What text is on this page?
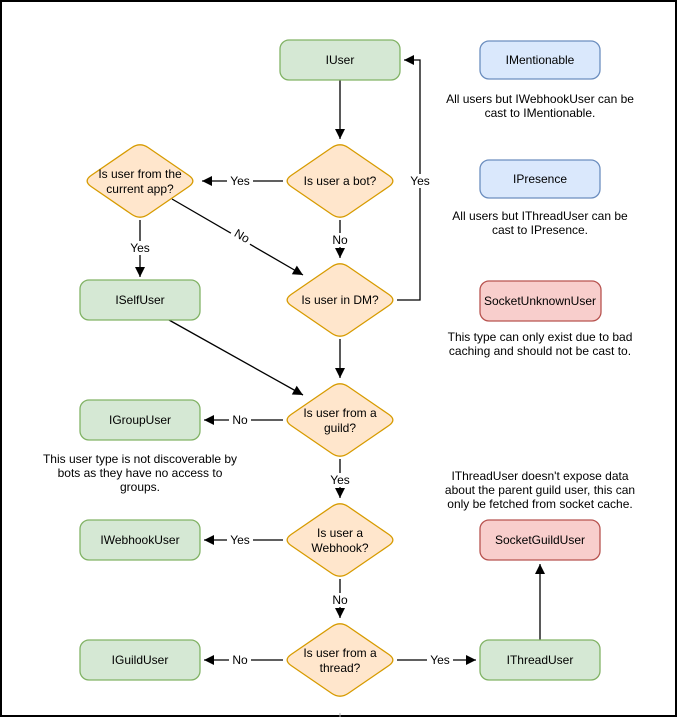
Yes
No
Yes
No
Yes
No
Yes
Yes
No
No	Yes
Is user a bot?
Is user from the
current app?
Is user in DM?
Is user from a
guild?
Is user a
Webhook?
Is user from a
thread?
IUser	IMentionable
IPresence
SocketUnknownUser
ISelfUser
IGroupUser
IWebhookUser
IGuildUser	IThreadUser
SocketGuildUser
All users but IWebhookUser can be
cast to IMentionable.
All users but IThreadUser can be
cast to IPresence.
This type can only exist due to bad
caching and should not be cast to.
This user type is not discoverable by
bots as they have no access to
groups.
IThreadUser doesn't expose data
about the parent guild user, this can
only be fetched from socket cache.
